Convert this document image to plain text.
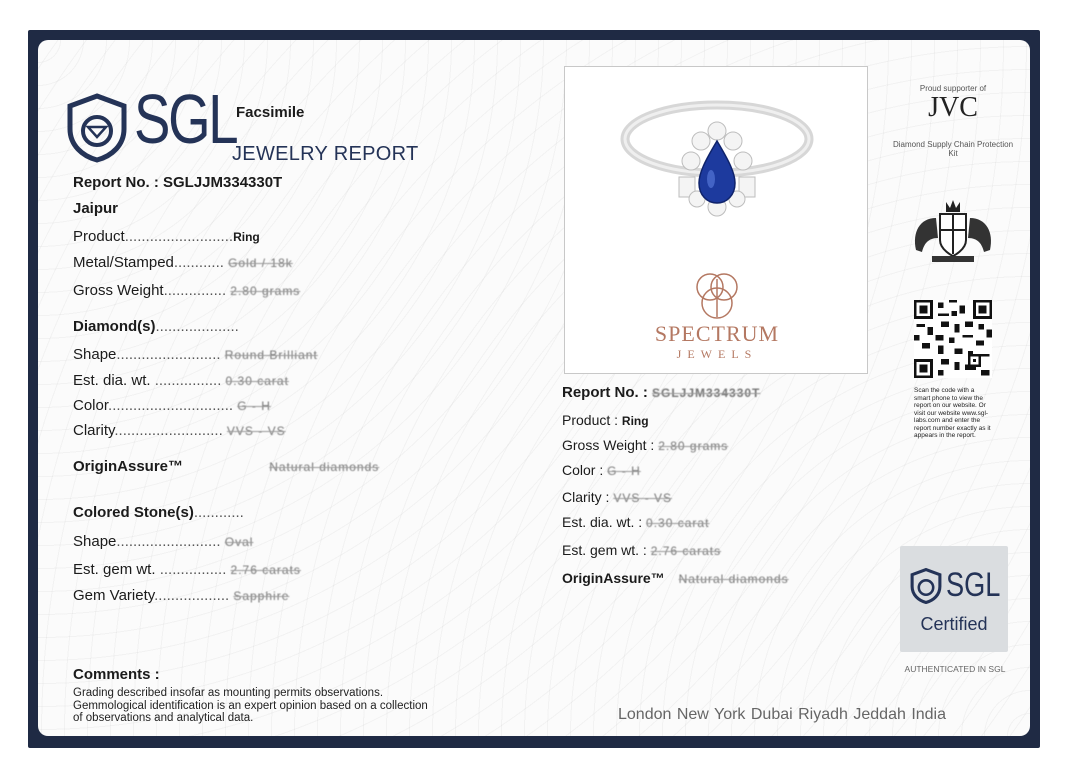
SGL Facsimile
JEWELRY REPORT
Report No. : SGLJJM334330T
Jaipur
Product..........................Ring
Metal/Stamped............ Gold / 18k
Gross Weight............... 2.80 grams
Diamond(s)....................
Shape......................... Round Brilliant
Est. dia. wt. ................ 0.30 carat
Color.............................. G - H
Clarity.......................... VVS - VS
OriginAssure™	Natural diamonds
Colored Stone(s)............
Shape......................... Oval
Est. gem wt. ................ 2.76 carats
Gem Variety.................. Sapphire
Comments :
Grading described insofar as mounting permits observations. Gemmological identification is an expert opinion based on a collection of observations and analytical data.
SPECTRUM
JEWELS
Report No. : SGLJJM334330T
Product : Ring
Gross Weight : 2.80 grams
Color : G - H
Clarity : VVS - VS
Est. dia. wt. : 0.30 carat
Est. gem wt. : 2.76 carats
OriginAssure™ Natural diamonds
Proud supporter of
JVC
Diamond Supply Chain Protection Kit
Scan the code with a smart phone to view the report on our website. Or visit our website www.sgl-labs.com and enter the report number exactly as it appears in the report.
SGL
Certified
AUTHENTICATED IN SGL
London New York Dubai Riyadh Jeddah India
